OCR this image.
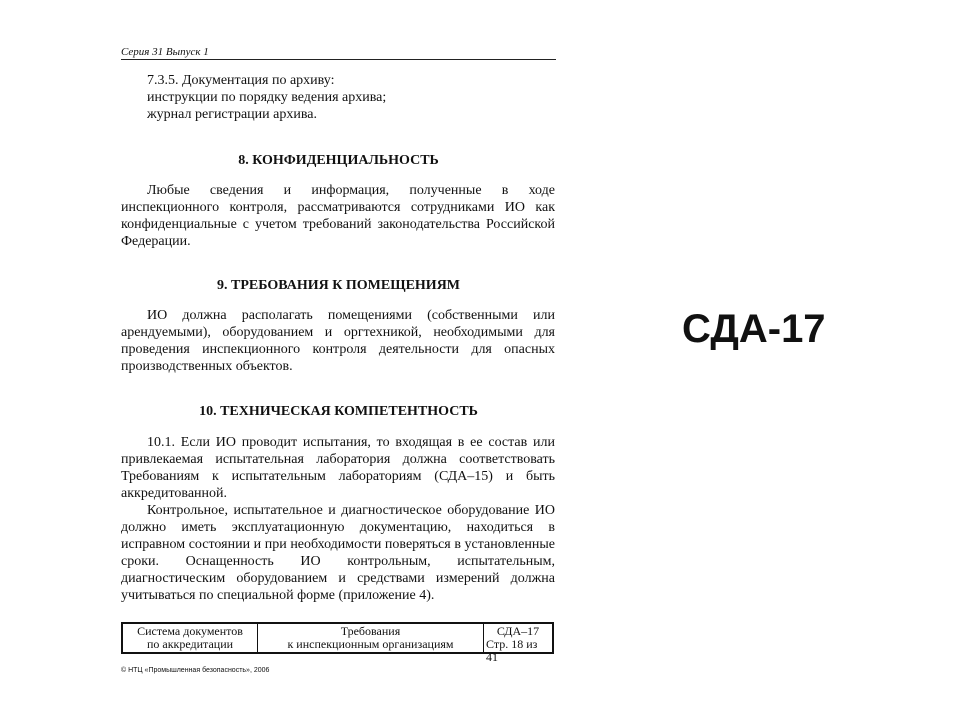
Серия 31 Выпуск 1
7.3.5. Документация по архиву:
инструкции по порядку ведения архива;
журнал регистрации архива.
8. КОНФИДЕНЦИАЛЬНОСТЬ
Любые сведения и информация, полученные в ходе инспекционного контроля, рассматриваются сотрудниками ИО как конфиденциальные с учетом требований законодательства Российской Федерации.
9. ТРЕБОВАНИЯ К ПОМЕЩЕНИЯМ
ИО должна располагать помещениями (собственными или арендуемыми), оборудованием и оргтехникой, необходимыми для проведения инспекционного контроля деятельности для опасных производственных объектов.
10. ТЕХНИЧЕСКАЯ КОМПЕТЕНТНОСТЬ
10.1. Если ИО проводит испытания, то входящая в ее состав или привлекаемая испытательная лаборатория должна соответствовать Требованиям к испытательным лабораториям (СДА–15) и быть аккредитованной.
Контрольное, испытательное и диагностическое оборудование ИО должно иметь эксплуатационную документацию, находиться в исправном состоянии и при необходимости поверяться в установленные сроки. Оснащенность ИО контрольным, испытательным, диагностическим оборудованием и средствами измерений должна учитываться по специальной форме (приложение 4).
Система документов
по аккредитации
Требования
к инспекционным организациям
СДА–17
Стр. 18 из 41
© НТЦ «Промышленная безопасность», 2006
СДА-17
